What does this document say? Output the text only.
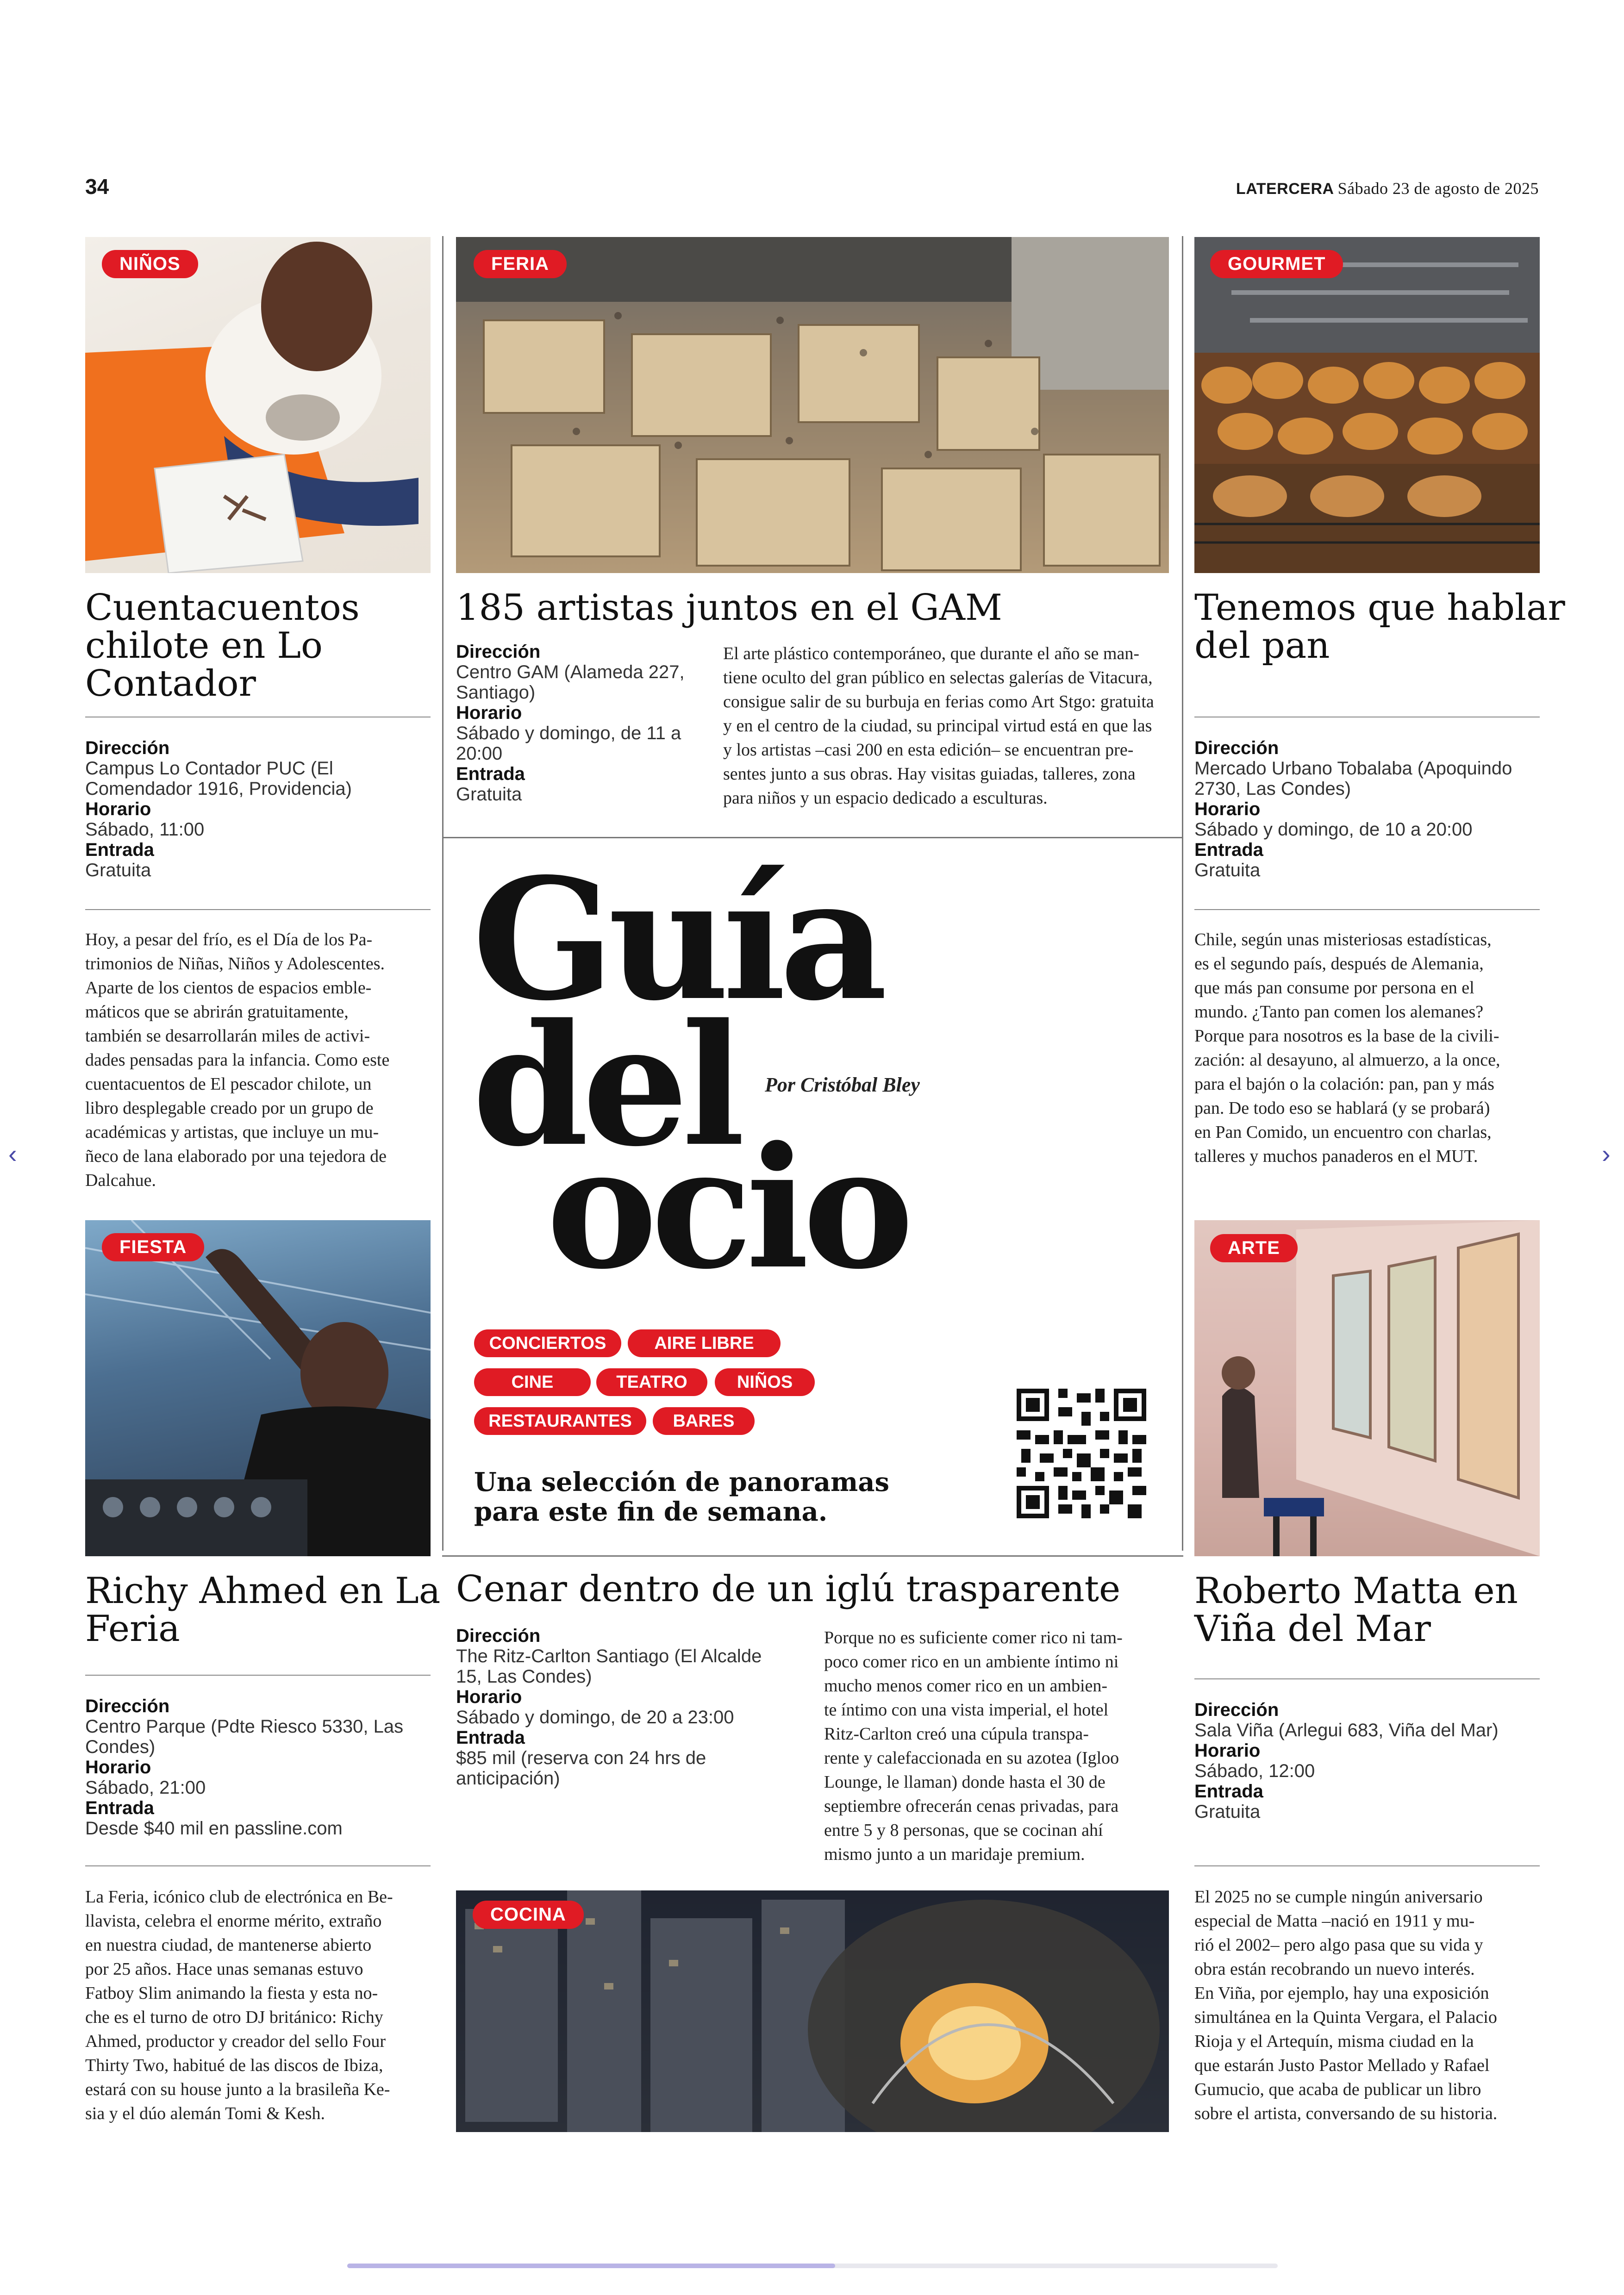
34	LATERCERA Sábado 23 de agosto de 2025
NIÑOS
Cuentacuentos
chilote en Lo
Contador
Dirección
Campus Lo Contador PUC (El
Comendador 1916, Providencia)
Horario
Sábado, 11:00
Entrada
Gratuita
Hoy, a pesar del frío, es el Día de los Pa-
trimonios de Niñas, Niños y Adolescentes.
Aparte de los cientos de espacios emble-
máticos que se abrirán gratuitamente,
también se desarrollarán miles de activi-
dades pensadas para la infancia. Como este
cuentacuentos de El pescador chilote, un
libro desplegable creado por un grupo de
académicas y artistas, que incluye un mu-
ñeco de lana elaborado por una tejedora de
Dalcahue.
FERIA
185 artistas juntos en el GAM
Dirección
Centro GAM (Alameda 227,
Santiago)
Horario
Sábado y domingo, de 11 a
20:00
Entrada
Gratuita
El arte plástico contemporáneo, que durante el año se man-
tiene oculto del gran público en selectas galerías de Vitacura,
consigue salir de su burbuja en ferias como Art Stgo: gratuita
y en el centro de la ciudad, su principal virtud está en que las
y los artistas –casi 200 en esta edición– se encuentran pre-
sentes junto a sus obras. Hay visitas guiadas, talleres, zona
para niños y un espacio dedicado a esculturas.
GOURMET
Tenemos que hablar
del pan
Dirección
Mercado Urbano Tobalaba (Apoquindo
2730, Las Condes)
Horario
Sábado y domingo, de 10 a 20:00
Entrada
Gratuita
Chile, según unas misteriosas estadísticas,
es el segundo país, después de Alemania,
que más pan consume por persona en el
mundo. ¿Tanto pan comen los alemanes?
Porque para nosotros es la base de la civili-
zación: al desayuno, al almuerzo, a la once,
para el bajón o la colación: pan, pan y más
pan. De todo eso se hablará (y se probará)
en Pan Comido, un encuentro con charlas,
talleres y muchos panaderos en el MUT.
Guía
del
ocio
Por Cristóbal Bley
CONCIERTOS	AIRE LIBRE
CINE	TEATRO	NIÑOS
RESTAURANTES	BARES
Una selección de panoramas
para este fin de semana.
FIESTA
Richy Ahmed en La
Feria
Dirección
Centro Parque (Pdte Riesco 5330, Las
Condes)
Horario
Sábado, 21:00
Entrada
Desde $40 mil en passline.com
La Feria, icónico club de electrónica en Be-
llavista, celebra el enorme mérito, extraño
en nuestra ciudad, de mantenerse abierto
por 25 años. Hace unas semanas estuvo
Fatboy Slim animando la fiesta y esta no-
che es el turno de otro DJ británico: Richy
Ahmed, productor y creador del sello Four
Thirty Two, habitué de las discos de Ibiza,
estará con su house junto a la brasileña Ke-
sia y el dúo alemán Tomi & Kesh.
Cenar dentro de un iglú trasparente
Dirección
The Ritz-Carlton Santiago (El Alcalde
15, Las Condes)
Horario
Sábado y domingo, de 20 a 23:00
Entrada
$85 mil (reserva con 24 hrs de
anticipación)
Porque no es suficiente comer rico ni tam-
poco comer rico en un ambiente íntimo ni
mucho menos comer rico en un ambien-
te íntimo con una vista imperial, el hotel
Ritz-Carlton creó una cúpula transpa-
rente y calefaccionada en su azotea (Igloo
Lounge, le llaman) donde hasta el 30 de
septiembre ofrecerán cenas privadas, para
entre 5 y 8 personas, que se cocinan ahí
mismo junto a un maridaje premium.
COCINA
ARTE
Roberto Matta en
Viña del Mar
Dirección
Sala Viña (Arlegui 683, Viña del Mar)
Horario
Sábado, 12:00
Entrada
Gratuita
El 2025 no se cumple ningún aniversario
especial de Matta –nació en 1911 y mu-
rió el 2002– pero algo pasa que su vida y
obra están recobrando un nuevo interés.
En Viña, por ejemplo, hay una exposición
simultánea en la Quinta Vergara, el Palacio
Rioja y el Artequín, misma ciudad en la
que estarán Justo Pastor Mellado y Rafael
Gumucio, que acaba de publicar un libro
sobre el artista, conversando de su historia.
‹	›
